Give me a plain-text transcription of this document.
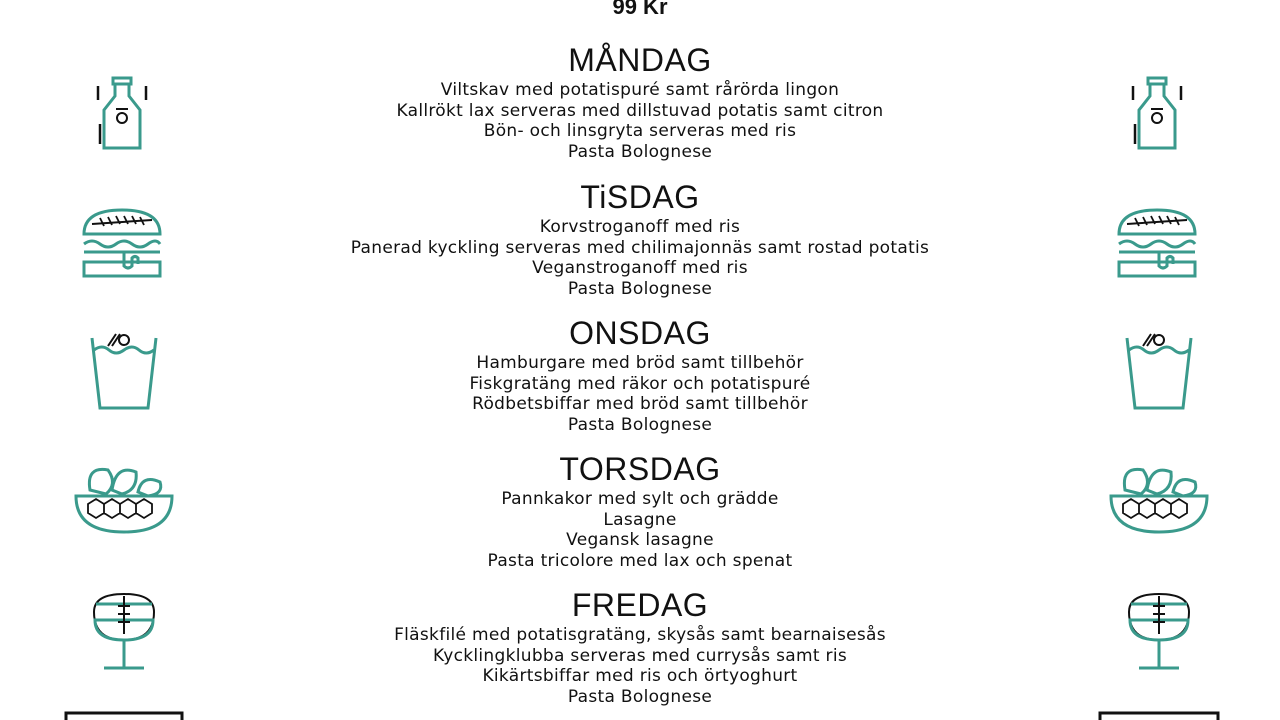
99 Kr
MÅNDAG
Viltskav med potatispuré samt rårörda lingon
Kallrökt lax serveras med dillstuvad potatis samt citron
Bön- och linsgryta serveras med ris
Pasta Bolognese
TiSDAG
Korvstroganoff med ris
Panerad kyckling serveras med chilimajonnäs samt rostad potatis
Veganstroganoff med ris
Pasta Bolognese
ONSDAG
Hamburgare med bröd samt tillbehör
Fiskgratäng med räkor och potatispuré
Rödbetsbiffar med bröd samt tillbehör
Pasta Bolognese
TORSDAG
Pannkakor med sylt och grädde
Lasagne
Vegansk lasagne
Pasta tricolore med lax och spenat
FREDAG
Fläskfilé med potatisgratäng, skysås samt bearnaisesås
Kycklingklubba serveras med currysås samt ris
Kikärtsbiffar med ris och örtyoghurt
Pasta Bolognese
